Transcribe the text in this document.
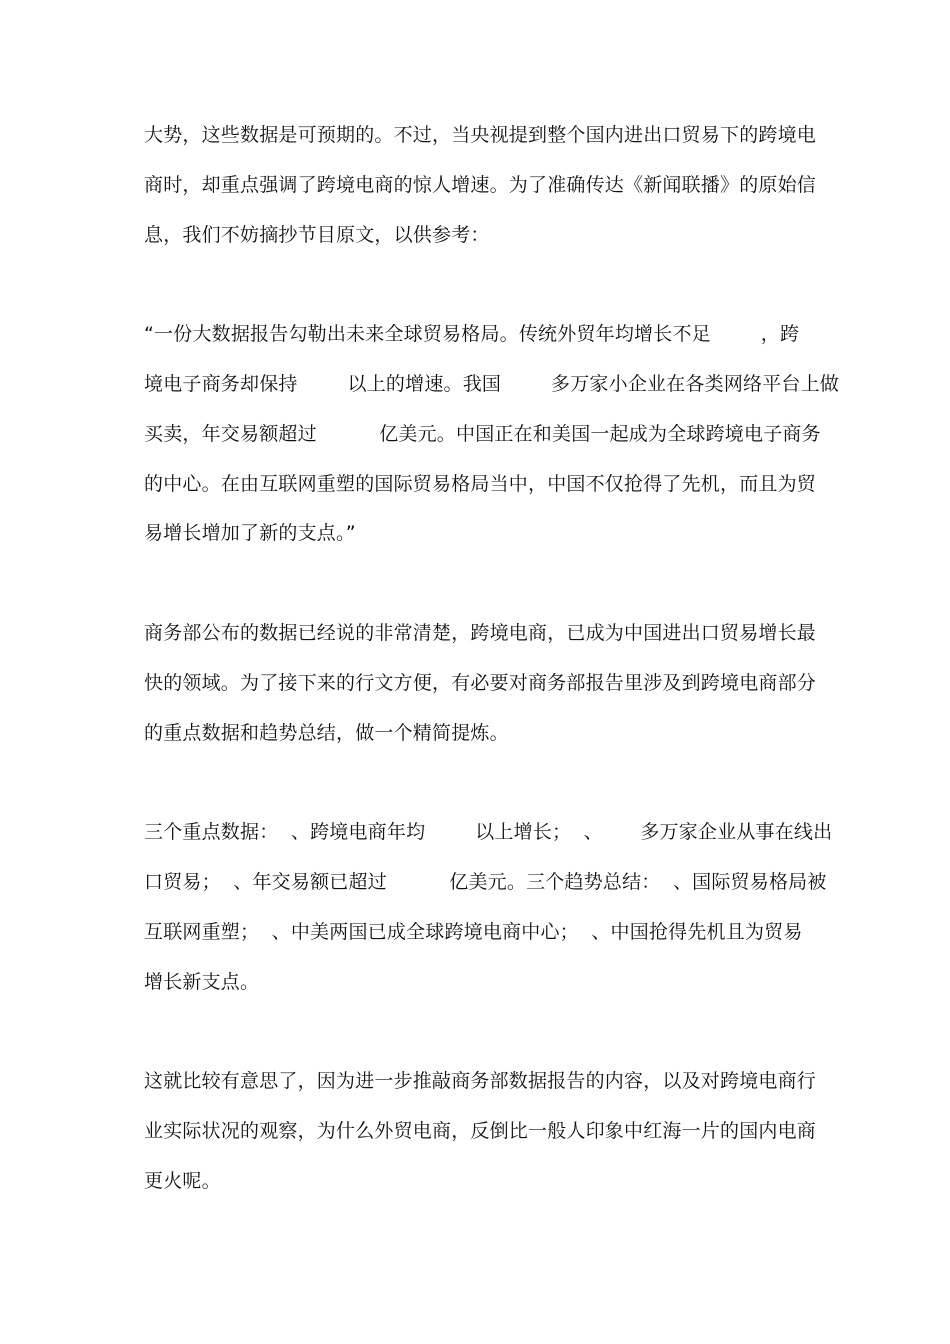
大势，这些数据是可预期的。不过，当央视提到整个国内进出口贸易下的跨境电

商时，却重点强调了跨境电商的惊人增速。为了准确传达《新闻联播》的原始信

息，我们不妨摘抄节目原文，以供参考：

“一份大数据报告勾勒出未来全球贸易格局。传统外贸年均增长不足        ，跨

境电子商务却保持        以上的增速。我国        多万家小企业在各类网络平台上做

买卖，年交易额超过          亿美元。中国正在和美国一起成为全球跨境电子商务

的中心。在由互联网重塑的国际贸易格局当中，中国不仅抢得了先机，而且为贸

易增长增加了新的支点。”

商务部公布的数据已经说的非常清楚，跨境电商，已成为中国进出口贸易增长最

快的领域。为了接下来的行文方便，有必要对商务部报告里涉及到跨境电商部分

的重点数据和趋势总结，做一个精简提炼。

三个重点数据：  、跨境电商年均        以上增长；  、      多万家企业从事在线出

口贸易；  、年交易额已超过          亿美元。三个趋势总结：  、国际贸易格局被

互联网重塑；  、中美两国已成全球跨境电商中心；  、中国抢得先机且为贸易

增长新支点。

这就比较有意思了，因为进一步推敲商务部数据报告的内容，以及对跨境电商行

业实际状况的观察，为什么外贸电商，反倒比一般人印象中红海一片的国内电商

更火呢。
